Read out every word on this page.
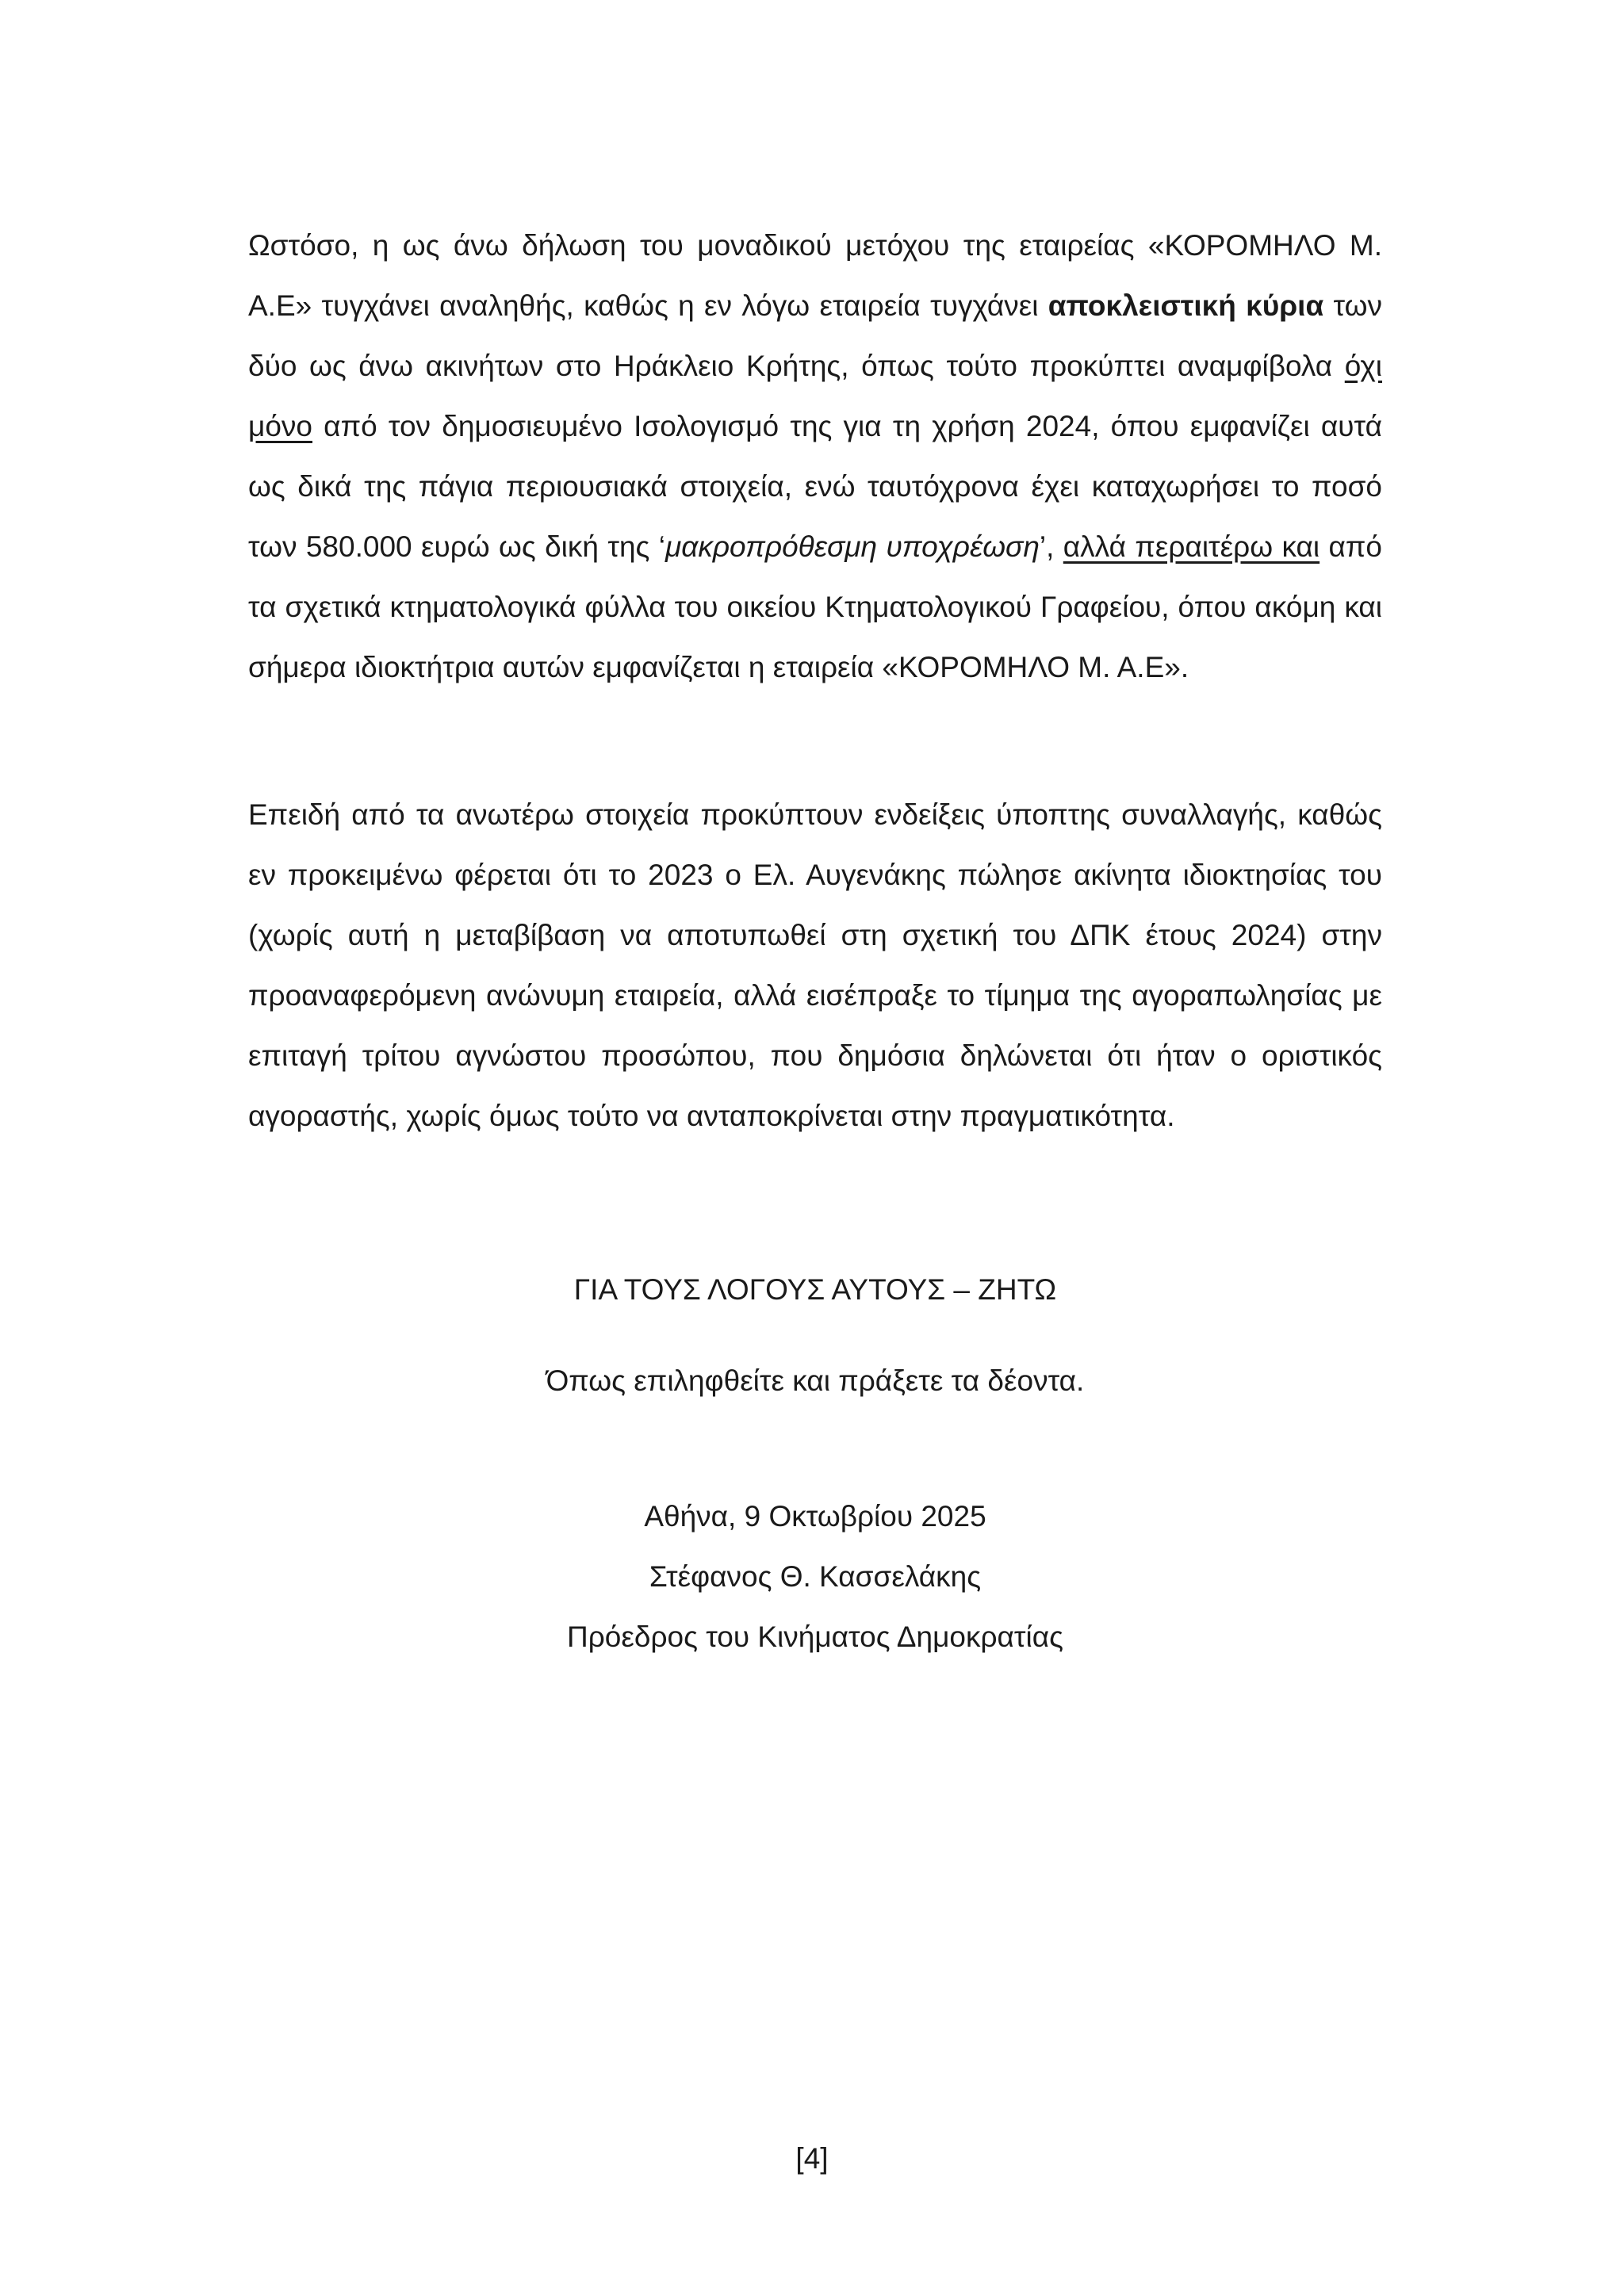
Ωστόσο, η ως άνω δήλωση του μοναδικού μετόχου της εταιρείας «ΚΟΡΟΜΗΛΟ Μ. Α.Ε» τυγχάνει αναληθής, καθώς η εν λόγω εταιρεία τυγχάνει αποκλειστική κύρια των δύο ως άνω ακινήτων στο Ηράκλειο Κρήτης, όπως τούτο προκύπτει αναμφίβολα όχι μόνο από τον δημοσιευμένο Ισολογισμό της για τη χρήση 2024, όπου εμφανίζει αυτά ως δικά της πάγια περιουσιακά στοιχεία, ενώ ταυτόχρονα έχει καταχωρήσει το ποσό των 580.000 ευρώ ως δική της ‘μακροπρόθεσμη υποχρέωση’, αλλά περαιτέρω και από τα σχετικά κτηματολογικά φύλλα του οικείου Κτηματολογικού Γραφείου, όπου ακόμη και σήμερα ιδιοκτήτρια αυτών εμφανίζεται η εταιρεία «ΚΟΡΟΜΗΛΟ Μ. Α.Ε».

Επειδή από τα ανωτέρω στοιχεία προκύπτουν ενδείξεις ύποπτης συναλλαγής, καθώς εν προκειμένω φέρεται ότι το 2023 ο Ελ. Αυγενάκης πώλησε ακίνητα ιδιοκτησίας του (χωρίς αυτή η μεταβίβαση να αποτυπωθεί στη σχετική του ΔΠΚ έτους 2024) στην προαναφερόμενη ανώνυμη εταιρεία, αλλά εισέπραξε το τίμημα της αγοραπωλησίας με επιταγή τρίτου αγνώστου προσώπου, που δημόσια δηλώνεται ότι ήταν ο οριστικός αγοραστής, χωρίς όμως τούτο να ανταποκρίνεται στην πραγματικότητα.

ΓΙΑ ΤΟΥΣ ΛΟΓΟΥΣ ΑΥΤΟΥΣ – ΖΗΤΩ

Όπως επιληφθείτε και πράξετε τα δέοντα.

Αθήνα, 9 Οκτωβρίου 2025

Στέφανος Θ. Κασσελάκης

Πρόεδρος του Κινήματος Δημοκρατίας

[4]
